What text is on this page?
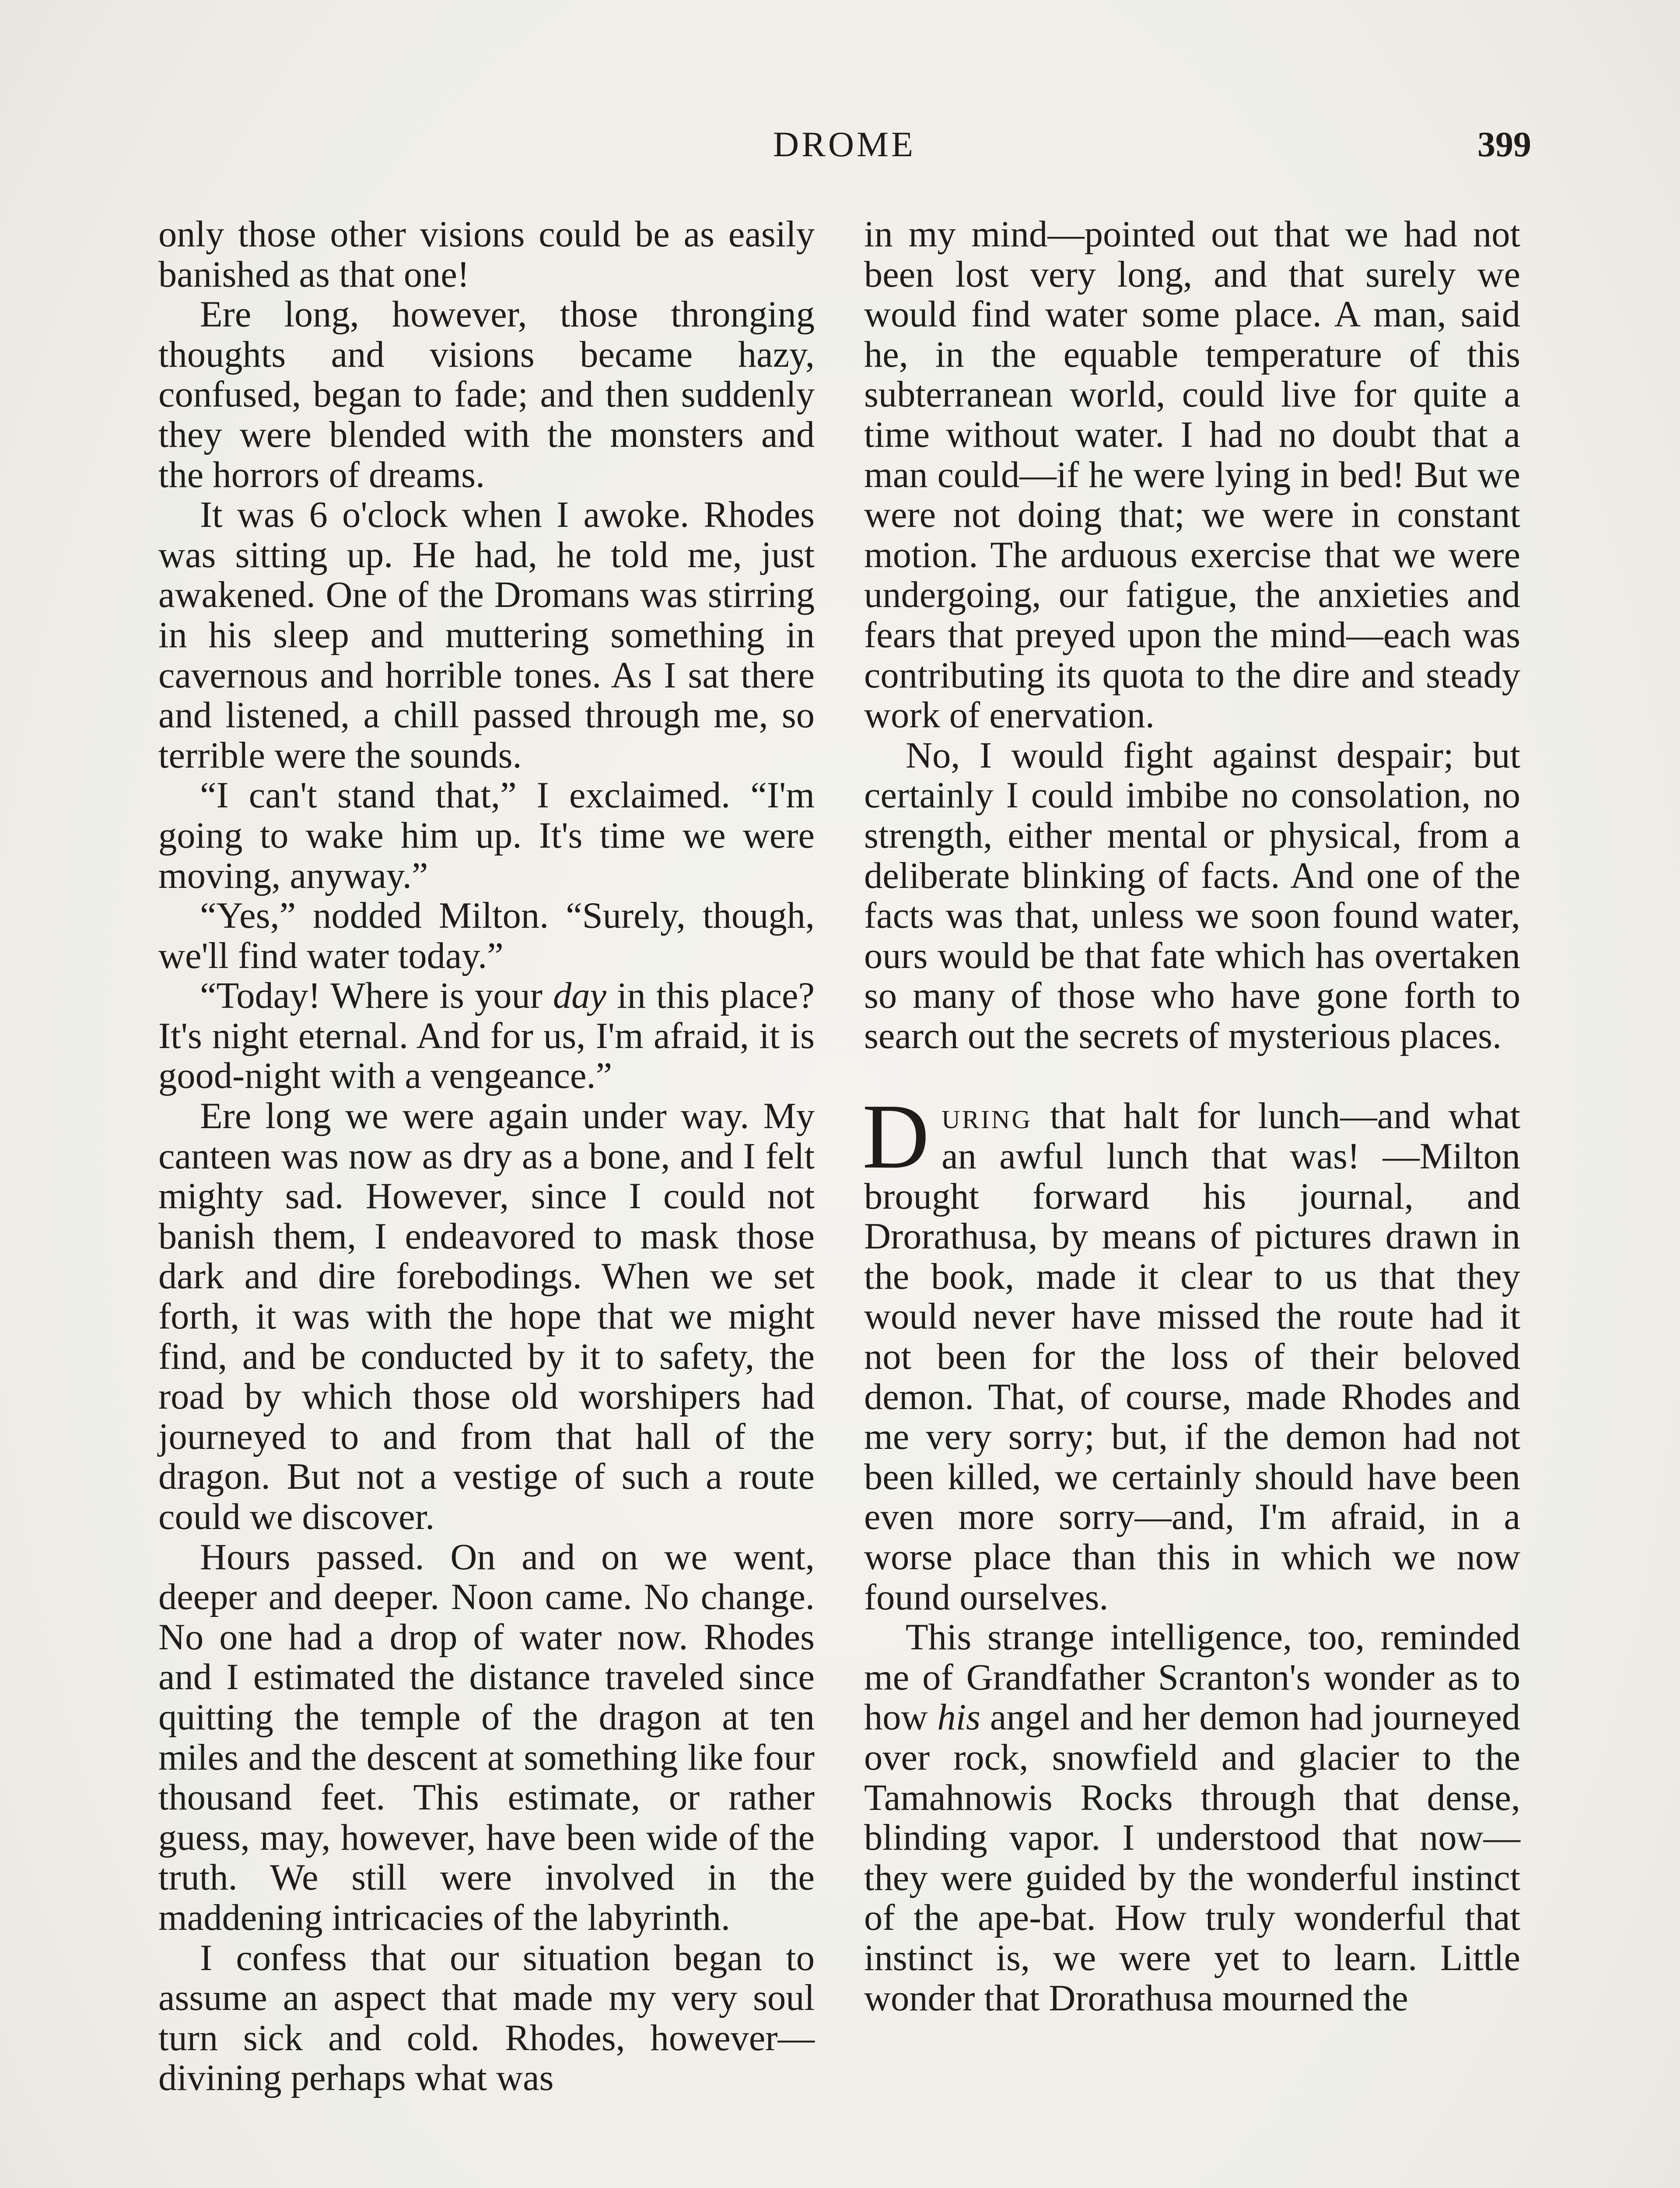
DROME	399

only those other visions could be as easily banished as that one!

Ere long, however, those thronging thoughts and visions became hazy, confused, began to fade; and then suddenly they were blended with the monsters and the horrors of dreams.

It was 6 o'clock when I awoke. Rhodes was sitting up. He had, he told me, just awakened. One of the Dromans was stirring in his sleep and muttering something in cavernous and horrible tones. As I sat there and listened, a chill passed through me, so terrible were the sounds.

“I can't stand that,” I exclaimed. “I'm going to wake him up. It's time we were moving, anyway.”

“Yes,” nodded Milton. “Surely, though, we'll find water today.”

“Today! Where is your day in this place? It's night eternal. And for us, I'm afraid, it is good-night with a vengeance.”

Ere long we were again under way. My canteen was now as dry as a bone, and I felt mighty sad. However, since I could not banish them, I endeavored to mask those dark and dire forebodings. When we set forth, it was with the hope that we might find, and be conducted by it to safety, the road by which those old worshipers had journeyed to and from that hall of the dragon. But not a vestige of such a route could we discover.

Hours passed. On and on we went, deeper and deeper. Noon came. No change. No one had a drop of water now. Rhodes and I estimated the distance traveled since quitting the temple of the dragon at ten miles and the descent at something like four thousand feet. This estimate, or rather guess, may, however, have been wide of the truth. We still were involved in the maddening intricacies of the labyrinth.

I confess that our situation began to assume an aspect that made my very soul turn sick and cold. Rhodes, however—divining perhaps what was

in my mind—pointed out that we had not been lost very long, and that surely we would find water some place. A man, said he, in the equable temperature of this subterranean world, could live for quite a time without water. I had no doubt that a man could—if he were lying in bed! But we were not doing that; we were in constant motion. The arduous exercise that we were undergoing, our fatigue, the anxieties and fears that preyed upon the mind—each was contributing its quota to the dire and steady work of enervation.

No, I would fight against despair; but certainly I could imbibe no consolation, no strength, either mental or physical, from a deliberate blinking of facts. And one of the facts was that, unless we soon found water, ours would be that fate which has overtaken so many of those who have gone forth to search out the secrets of mysterious places.

During that halt for lunch—and what an awful lunch that was! —Milton brought forward his journal, and Drorathusa, by means of pictures drawn in the book, made it clear to us that they would never have missed the route had it not been for the loss of their beloved demon. That, of course, made Rhodes and me very sorry; but, if the demon had not been killed, we certainly should have been even more sorry—and, I'm afraid, in a worse place than this in which we now found ourselves.

This strange intelligence, too, reminded me of Grandfather Scranton's wonder as to how his angel and her demon had journeyed over rock, snowfield and glacier to the Tamahnowis Rocks through that dense, blinding vapor. I understood that now—they were guided by the wonderful instinct of the ape-bat. How truly wonderful that instinct is, we were yet to learn. Little wonder that Drorathusa mourned the
